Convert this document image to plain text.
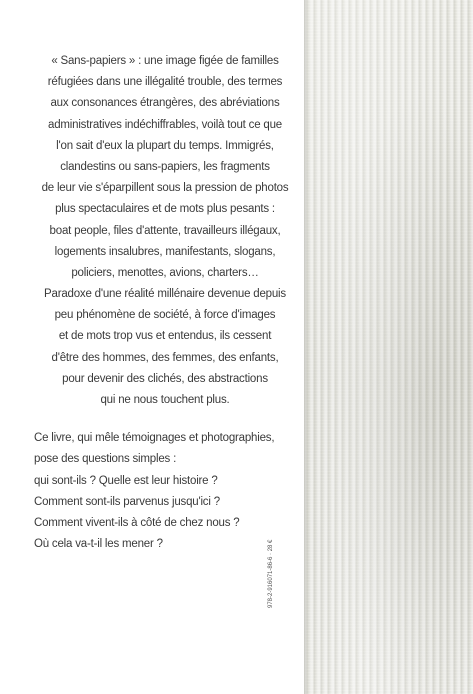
« Sans-papiers » : une image figée de familles
réfugiées dans une illégalité trouble, des termes
aux consonances étrangères, des abréviations
administratives indéchiffrables, voilà tout ce que
l'on sait d'eux la plupart du temps. Immigrés,
clandestins ou sans-papiers, les fragments
de leur vie s'éparpillent sous la pression de photos
plus spectaculaires et de mots plus pesants :
boat people, files d'attente, travailleurs illégaux,
logements insalubres, manifestants, slogans,
policiers, menottes, avions, charters…
Paradoxe d'une réalité millénaire devenue depuis
peu phénomène de société, à force d'images
et de mots trop vus et entendus, ils cessent
d'être des hommes, des femmes, des enfants,
pour devenir des clichés, des abstractions
qui ne nous touchent plus.
Ce livre, qui mêle témoignages et photographies,
pose des questions simples :
qui sont-ils ? Quelle est leur histoire ?
Comment sont-ils parvenus jusqu'ici ?
Comment vivent-ils à côté de chez nous ?
Où cela va-t-il les mener ?	978-2-916071-86-6 · 28 €
